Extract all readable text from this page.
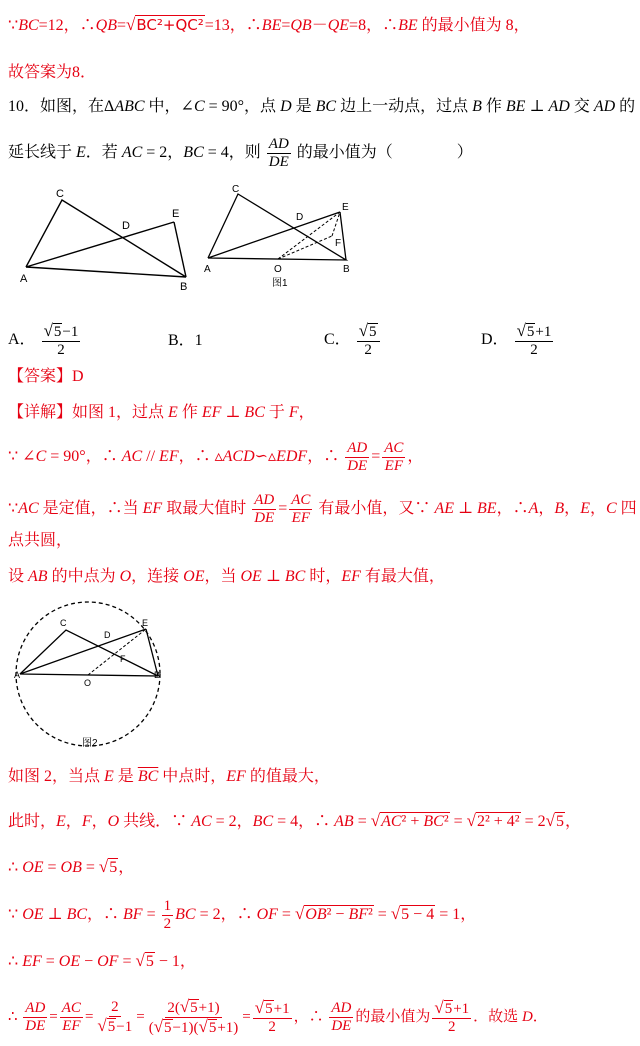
∵BC=12，∴QB=√BC²+QC²=13，∴BE=QB－QE=8，∴BE 的最小值为 8，
故答案为8．
10．如图，在ΔABC 中，∠C = 90°，点 D 是 BC 边上一动点，过点 B 作 BE ⊥ AD 交 AD 的
延长线于 E．若 AC = 2，BC = 4，则 $\frac{AD}{DE}$ 的最小值为（　　　　）
C
D
E
A
B
C
D
E
F
A	O	B
图1
A． $\frac{√5-1}{2}$	B．1	C． $\frac{√5}{2}$	D． $\frac{√5+1}{2}$
【答案】D
【详解】如图 1，过点 E 作 EF ⊥ BC 于 F，
∵ ∠C = 90°，∴ AC // EF，∴ ▵ACD∽▵EDF，∴ $\frac{AD}{DE} = \frac{AC}{EF}$ ，
∵AC 是定值，∴当 EF 取最大值时 $\frac{AD}{DE} = \frac{AC}{EF}$ 有最小值，又∵ AE ⊥ BE，∴A，B，E，C 四
点共圆，
设 AB 的中点为 O，连接 OE，当 OE ⊥ BC 时，EF 有最大值，
C	E
D
F
A
O
B
图2
如图 2，当点 E 是 $\overline{BC}$ 中点时，EF 的值最大，
此时，E，F，O 共线．∵ AC = 2，BC = 4，∴ AB = √AC² + BC² = √2² + 4² = 2√5，
∴ OE = OB = √5，
∵ OE ⊥ BC，∴ BF = $\frac{1}{2}$ BC = 2，∴ OF = √OB² − BF² = √5 − 4 = 1，
∴ EF = OE − OF = √5 − 1，
∴ $\frac{AD}{DE} = \frac{AC}{EF} = \frac{2}{√5-1} = \frac{2(√5+1)}{(√5-1)(√5+1)} = \frac{√5+1}{2}$ ，∴ $\frac{AD}{DE}$ 的最小值为 $\frac{√5+1}{2}$ ．故选 D．
